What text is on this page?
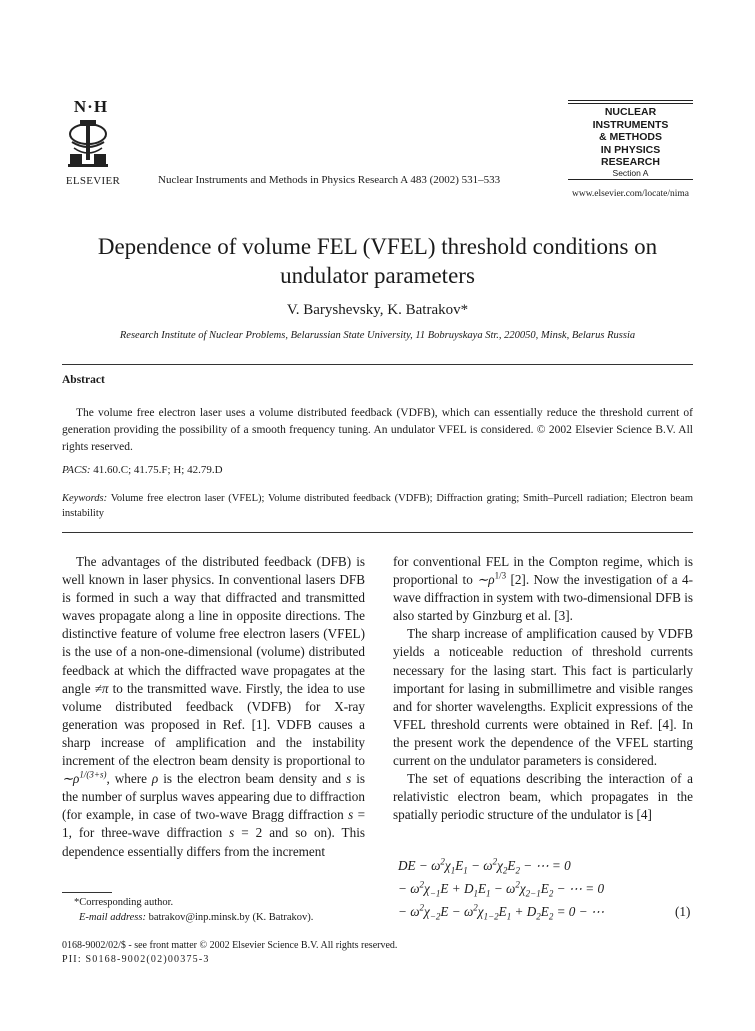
N·H
ELSEVIER	Nuclear Instruments and Methods in Physics Research A 483 (2002) 531–533
NUCLEAR
INSTRUMENTS
& METHODS
IN PHYSICS
RESEARCH
Section A
www.elsevier.com/locate/nima
Dependence of volume FEL (VFEL) threshold conditions on
undulator parameters
V. Baryshevsky, K. Batrakov*
Research Institute of Nuclear Problems, Belarussian State University, 11 Bobruyskaya Str., 220050, Minsk, Belarus Russia
Abstract
The volume free electron laser uses a volume distributed feedback (VDFB), which can essentially reduce the threshold current of generation providing the possibility of a smooth frequency tuning. An undulator VFEL is considered. © 2002 Elsevier Science B.V. All rights reserved.
PACS: 41.60.C; 41.75.F; H; 42.79.D
Keywords: Volume free electron laser (VFEL); Volume distributed feedback (VDFB); Diffraction grating; Smith–Purcell radiation; Electron beam instability

The advantages of the distributed feedback (DFB) is well known in laser physics. In conventional lasers DFB is formed in such a way that diffracted and transmitted waves propagate along a line in opposite directions. The distinctive feature of volume free electron lasers (VFEL) is the use of a non-one-dimensional (volume) distributed feedback at which the diffracted wave propagates at the angle ≠π to the transmitted wave. Firstly, the idea to use volume distributed feedback (VDFB) for X-ray generation was proposed in Ref. [1]. VDFB causes a sharp increase of amplification and the instability increment of the electron beam density is proportional to $\sim\rho^{1/(3+s)}$, where ρ is the electron beam density and s is the number of surplus waves appearing due to diffraction (for example, in case of two-wave Bragg diffraction s = 1, for three-wave diffraction s = 2 and so on). This dependence essentially differs from the increment

for conventional FEL in the Compton regime, which is proportional to $\sim\rho^{1/3}$ [2]. Now the investigation of a 4-wave diffraction in system with two-dimensional DFB is also started by Ginzburg et al. [3].

The sharp increase of amplification caused by VDFB yields a noticeable reduction of threshold currents necessary for the lasing start. This fact is particularly important for lasing in submillimetre and visible ranges and for shorter wavelengths. Explicit expressions of the VFEL threshold currents were obtained in Ref. [4]. In the present work the dependence of the VFEL starting current on the undulator parameters is considered.

The set of equations describing the interaction of a relativistic electron beam, which propagates in the spatially periodic structure of the undulator is [4]

DE − $\omega^2\chi_1E_1 - \omega^2\chi_2E_2$ − ⋯ = 0
− $\omega^2\chi_{-1}E + D_1E_1 - \omega^2\chi_{2-1}E_2$ − ⋯ = 0
− $\omega^2\chi_{-2}E - \omega^2\chi_{1-2}E_1 + D_2E_2 = 0$ − ⋯	(1)
*Corresponding author.
E-mail address: batrakov@inp.minsk.by (K. Batrakov).
0168-9002/02/$ - see front matter © 2002 Elsevier Science B.V. All rights reserved.
PII: S0168-9002(02)00375-3
